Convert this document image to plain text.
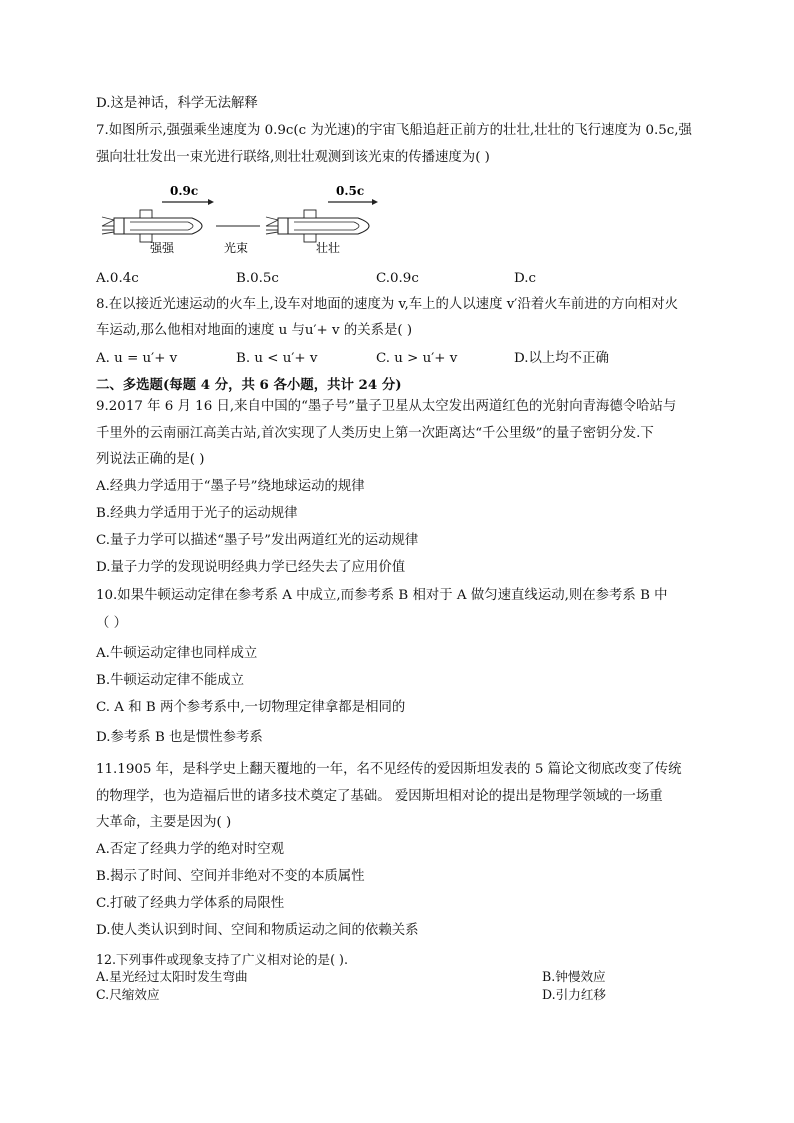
D.这是神话，科学无法解释
7.如图所示,强强乘坐速度为 0.9c(c 为光速)的宇宙飞船追赶正前方的壮壮,壮壮的飞行速度为 0.5c,强
强向壮壮发出一束光进行联络,则壮壮观测到该光束的传播速度为( )
0.9c	0.5c
强强	光束	壮壮
A.0.4c	B.0.5c	C.0.9c	D.c
8.在以接近光速运动的火车上,设车对地面的速度为 v,车上的人以速度 v′沿着火车前进的方向相对火
车运动,那么他相对地面的速度 u 与u′+ v 的关系是( )
A. u = u′+ v	B. u < u′+ v	C. u > u′+ v	D.以上均不正确
二、多选题(每题 4 分，共 6 各小题，共计 24 分)
9.2017 年 6 月 16 日,来自中国的“墨子号”量子卫星从太空发出两道红色的光射向青海德令哈站与
千里外的云南丽江高美古站,首次实现了人类历史上第一次距离达“千公里级”的量子密钥分发.下
列说法正确的是( )
A.经典力学适用于“墨子号”绕地球运动的规律
B.经典力学适用于光子的运动规律
C.量子力学可以描述“墨子号”发出两道红光的运动规律
D.量子力学的发现说明经典力学已经失去了应用价值
10.如果牛顿运动定律在参考系 A 中成立,而参考系 B 相对于 A 做匀速直线运动,则在参考系 B 中
（ ）
A.牛顿运动定律也同样成立
B.牛顿运动定律不能成立
C. A 和 B 两个参考系中,一切物理定律拿都是相同的
D.参考系 B 也是惯性参考系
11.1905 年，是科学史上翻天覆地的一年，名不见经传的爱因斯坦发表的 5 篇论文彻底改变了传统
的物理学，也为造福后世的诸多技术奠定了基础。 爱因斯坦相对论的提出是物理学领域的一场重
大革命，主要是因为( )
A.否定了经典力学的绝对时空观
B.揭示了时间、空间并非绝对不变的本质属性
C.打破了经典力学体系的局限性
D.使人类认识到时间、空间和物质运动之间的依赖关系
12.下列事件或现象支持了广义相对论的是( ).
A.星光经过太阳时发生弯曲	B.钟慢效应
C.尺缩效应	D.引力红移
